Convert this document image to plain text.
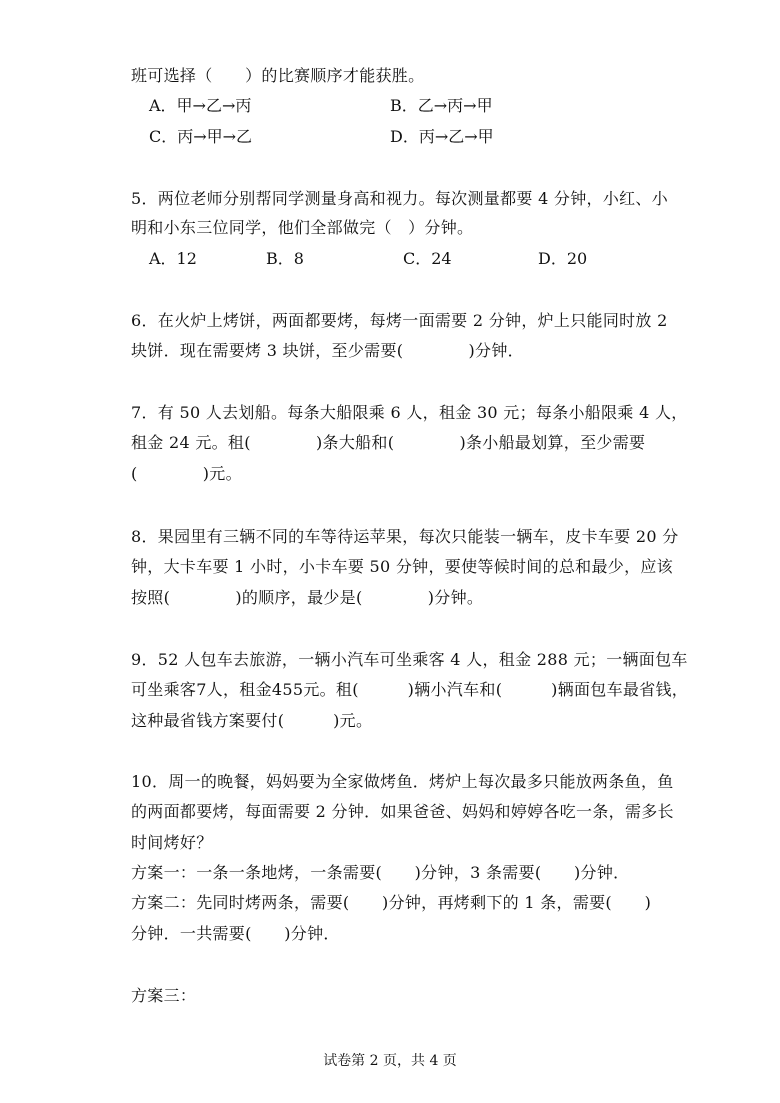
班可选择（　　）的比赛顺序才能获胜。
A．甲→乙→丙	B．乙→丙→甲
C．丙→甲→乙	D．丙→乙→甲
5．两位老师分别帮同学测量身高和视力。每次测量都要 4 分钟，小红、小
明和小东三位同学，他们全部做完（　）分钟。
A．12	B．8	C．24	D．20
6．在火炉上烤饼，两面都要烤，每烤一面需要 2 分钟，炉上只能同时放 2
块饼．现在需要烤 3 块饼，至少需要(　　　　)分钟．
7．有 50 人去划船。每条大船限乘 6 人，租金 30 元；每条小船限乘 4 人，
租金 24 元。租(　　　　)条大船和(　　　　)条小船最划算，至少需要
(　　　　)元。
8．果园里有三辆不同的车等待运苹果，每次只能装一辆车，皮卡车要 20 分
钟，大卡车要 1 小时，小卡车要 50 分钟，要使等候时间的总和最少，应该
按照(　　　　)的顺序，最少是(　　　　)分钟。
9．52 人包车去旅游，一辆小汽车可坐乘客 4 人，租金 288 元；一辆面包车
可坐乘客7人，租金455元。租(　　　)辆小汽车和(　　　)辆面包车最省钱，
这种最省钱方案要付(　　　)元。
10．周一的晚餐，妈妈要为全家做烤鱼．烤炉上每次最多只能放两条鱼，鱼
的两面都要烤，每面需要 2 分钟．如果爸爸、妈妈和婷婷各吃一条，需多长
时间烤好？
方案一：一条一条地烤，一条需要(　　)分钟，3 条需要(　　)分钟．
方案二：先同时烤两条，需要(　　)分钟，再烤剩下的 1 条，需要(　　)
分钟．一共需要(　　)分钟．
方案三：
试卷第 2 页，共 4 页
